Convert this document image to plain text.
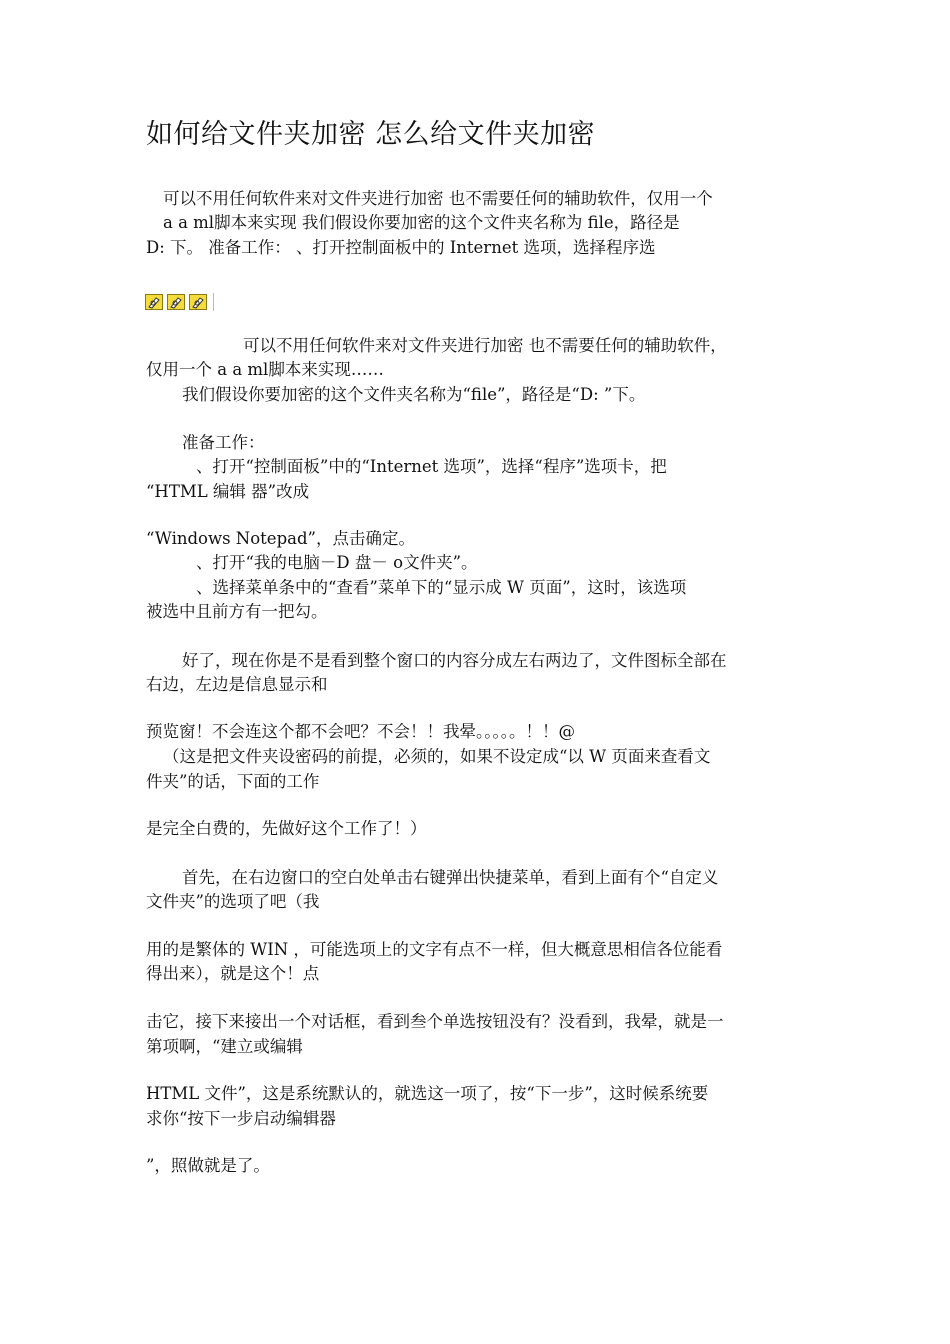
如何给文件夹加密 怎么给文件夹加密
可以不用任何软件来对文件夹进行加密 也不需要任何的辅助软件，仅用一个
a a ml脚本来实现 我们假设你要加密的这个文件夹名称为 file，路径是
D: 下。 准备工作： 、打开控制面板中的 Internet 选项，选择程序选
可以不用任何软件来对文件夹进行加密 也不需要任何的辅助软件，
仅用一个 a a ml脚本来实现……
我们假设你要加密的这个文件夹名称为“file”，路径是“D: ”下。
准备工作：
、打开“控制面板”中的“Internet 选项”，选择“程序”选项卡，把
“HTML 编辑 器”改成
“Windows Notepad”，点击确定。
、打开“我的电脑－D 盘－ o文件夹”。
、选择菜单条中的“查看”菜单下的“显示成 W 页面”，这时，该选项
被选中且前方有一把勾。
好了，现在你是不是看到整个窗口的内容分成左右两边了，文件图标全部在
右边，左边是信息显示和
预览窗！不会连这个都不会吧？不会！！我晕。。。。。！！@
（这是把文件夹设密码的前提，必须的，如果不设定成“以 W 页面来查看文
件夹”的话，下面的工作
是完全白费的，先做好这个工作了！）
首先，在右边窗口的空白处单击右键弹出快捷菜单，看到上面有个“自定义
文件夹”的选项了吧（我
用的是繁体的 WIN ，可能选项上的文字有点不一样，但大概意思相信各位能看
得出来），就是这个！点
击它，接下来接出一个对话框，看到叁个单选按钮没有？没看到，我晕，就是一
第项啊，“建立或编辑
HTML 文件”，这是系统默认的，就选这一项了，按“下一步”，这时候系统要
求你“按下一步启动编辑器
”，照做就是了。
